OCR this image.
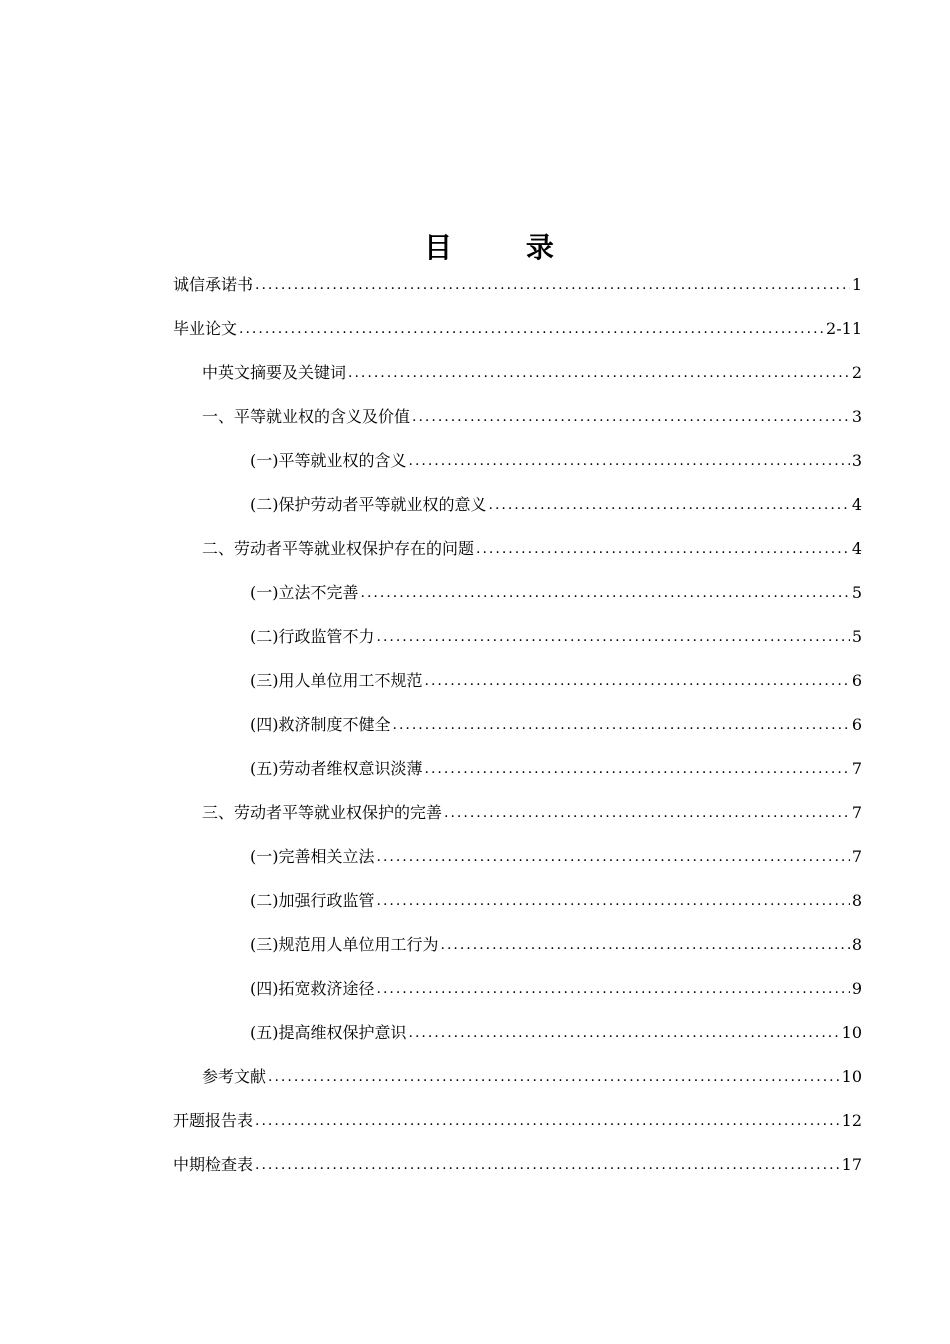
目 录
诚信承诺书 .....	1
毕业论文 .....	2-11
中英文摘要及关键词 .....	2
一、平等就业权的含义及价值 .....	3
(一)平等就业权的含义 .....	3
(二)保护劳动者平等就业权的意义 .....	4
二、劳动者平等就业权保护存在的问题 .....	4
(一)立法不完善 .....	5
(二)行政监管不力 .....	5
(三)用人单位用工不规范 .....	6
(四)救济制度不健全 .....	6
(五)劳动者维权意识淡薄 .....	7
三、劳动者平等就业权保护的完善 .....	7
(一)完善相关立法 .....	7
(二)加强行政监管 .....	8
(三)规范用人单位用工行为 .....	8
(四)拓宽救济途径 .....	9
(五)提高维权保护意识 .....	10
参考文献 .....	10
开题报告表 .....	12
中期检查表 .....	17
